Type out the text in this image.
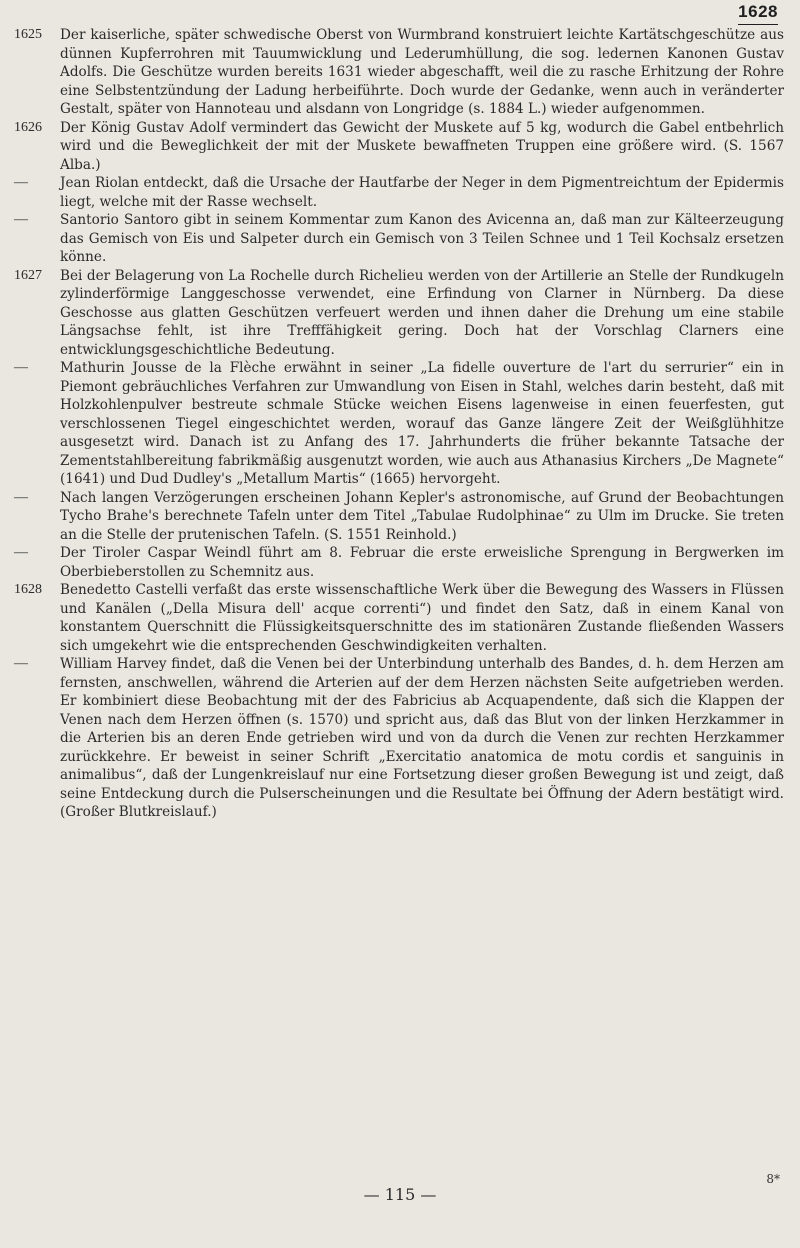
1628

1625	Der kaiserliche, später schwedische Oberst von Wurmbrand konstruiert leichte Kartätschgeschütze aus dünnen Kupferrohren mit Tauumwicklung und Lederumhüllung, die sog. ledernen Kanonen Gustav Adolfs. Die Geschütze wurden bereits 1631 wieder abgeschafft, weil die zu rasche Erhitzung der Rohre eine Selbstentzündung der Ladung herbeiführte. Doch wurde der Gedanke, wenn auch in veränderter Gestalt, später von Hannoteau und alsdann von Longridge (s. 1884 L.) wieder aufgenommen.

1626	Der König Gustav Adolf vermindert das Gewicht der Muskete auf 5 kg, wodurch die Gabel entbehrlich wird und die Beweglichkeit der mit der Muskete bewaffneten Truppen eine größere wird. (S. 1567 Alba.)

—	Jean Riolan entdeckt, daß die Ursache der Hautfarbe der Neger in dem Pigmentreichtum der Epidermis liegt, welche mit der Rasse wechselt.

—	Santorio Santoro gibt in seinem Kommentar zum Kanon des Avicenna an, daß man zur Kälteerzeugung das Gemisch von Eis und Salpeter durch ein Gemisch von 3 Teilen Schnee und 1 Teil Kochsalz ersetzen könne.

1627	Bei der Belagerung von La Rochelle durch Richelieu werden von der Artillerie an Stelle der Rundkugeln zylinderförmige Langgeschosse verwendet, eine Erfindung von Clarner in Nürnberg. Da diese Geschosse aus glatten Geschützen verfeuert werden und ihnen daher die Drehung um eine stabile Längsachse fehlt, ist ihre Trefffähigkeit gering. Doch hat der Vorschlag Clarners eine entwicklungsgeschichtliche Bedeutung.

—	Mathurin Jousse de la Flèche erwähnt in seiner „La fidelle ouverture de l'art du serrurier“ ein in Piemont gebräuchliches Verfahren zur Umwandlung von Eisen in Stahl, welches darin besteht, daß mit Holzkohlenpulver bestreute schmale Stücke weichen Eisens lagenweise in einen feuerfesten, gut verschlossenen Tiegel eingeschichtet werden, worauf das Ganze längere Zeit der Weißglühhitze ausgesetzt wird. Danach ist zu Anfang des 17. Jahrhunderts die früher bekannte Tatsache der Zementstahlbereitung fabrikmäßig ausgenutzt worden, wie auch aus Athanasius Kirchers „De Magnete“ (1641) und Dud Dudley's „Metallum Martis“ (1665) hervorgeht.

—	Nach langen Verzögerungen erscheinen Johann Kepler's astronomische, auf Grund der Beobachtungen Tycho Brahe's berechnete Tafeln unter dem Titel „Tabulae Rudolphinae“ zu Ulm im Drucke. Sie treten an die Stelle der prutenischen Tafeln. (S. 1551 Reinhold.)

—	Der Tiroler Caspar Weindl führt am 8. Februar die erste erweisliche Sprengung in Bergwerken im Oberbieberstollen zu Schemnitz aus.

1628	Benedetto Castelli verfaßt das erste wissenschaftliche Werk über die Bewegung des Wassers in Flüssen und Kanälen („Della Misura dell' acque correnti“) und findet den Satz, daß in einem Kanal von konstantem Querschnitt die Flüssigkeitsquerschnitte des im stationären Zustande fließenden Wassers sich umgekehrt wie die entsprechenden Geschwindigkeiten verhalten.

—	William Harvey findet, daß die Venen bei der Unterbindung unterhalb des Bandes, d. h. dem Herzen am fernsten, anschwellen, während die Arterien auf der dem Herzen nächsten Seite aufgetrieben werden. Er kombiniert diese Beobachtung mit der des Fabricius ab Acquapendente, daß sich die Klappen der Venen nach dem Herzen öffnen (s. 1570) und spricht aus, daß das Blut von der linken Herzkammer in die Arterien bis an deren Ende getrieben wird und von da durch die Venen zur rechten Herzkammer zurückkehre. Er beweist in seiner Schrift „Exercitatio anatomica de motu cordis et sanguinis in animalibus“, daß der Lungenkreislauf nur eine Fortsetzung dieser großen Bewegung ist und zeigt, daß seine Entdeckung durch die Pulserscheinungen und die Resultate bei Öffnung der Adern bestätigt wird. (Großer Blutkreislauf.)

8*
— 115 —
